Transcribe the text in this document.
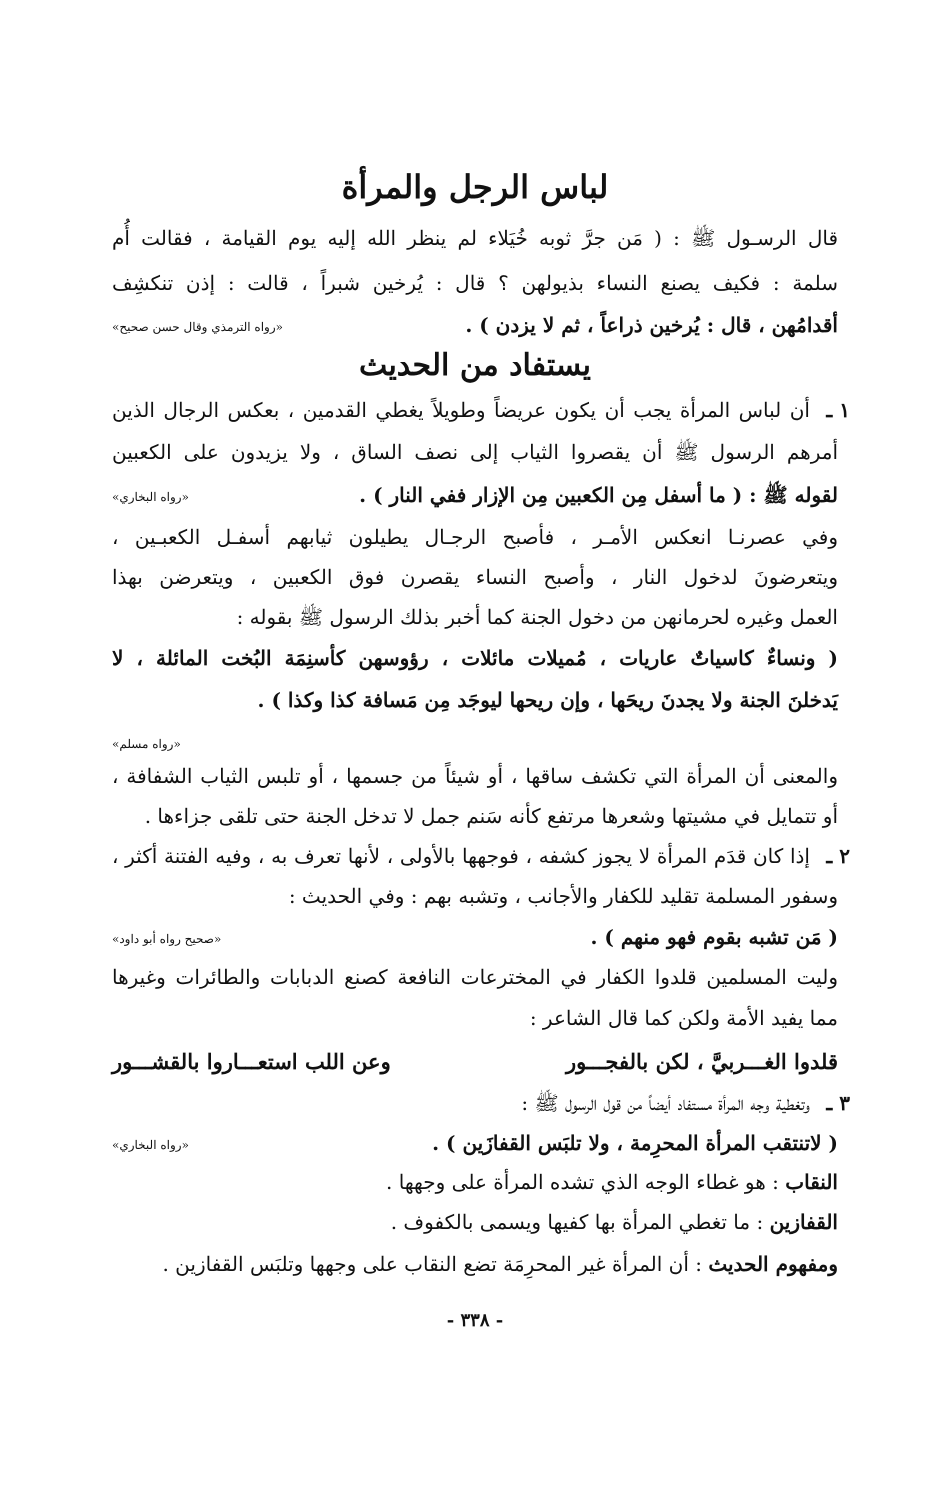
لباس الرجل والمرأة
قال الرسـول ﷺ : ( مَن جرَّ ثوبه خُيَلاء لم ينظر الله إليه يوم القيامة ، فقالت أُم
سلمة : فكيف يصنع النساء بذيولهن ؟ قال : يُرخين شبراً ، قالت : إذن تنكشِف
أقدامُهن ، قال : يُرخين ذراعاً ، ثم لا يزدن ) .
«رواه الترمذي وقال حسن صحيح»
يستفاد من الحديث
١ ـ
أن لباس المرأة يجب أن يكون عريضاً وطويلاً يغطي القدمين ، بعكس الرجال الذين
أمرهم الرسول ﷺ أن يقصروا الثياب إلى نصف الساق ، ولا يزيدون على الكعبين
لقوله ﷺ : ( ما أسفل مِن الكعبين مِن الإزار ففي النار ) .
«رواه البخاري»
وفي عصرنـا انعكس الأمـر ، فأصبح الرجـال يطيلون ثيابهم أسفـل الكعبـين ،
ويتعرضونَ لدخول النار ، وأصبح النساء يقصرن فوق الكعبين ، ويتعرضن بهذا
العمل وغيره لحرمانهن من دخول الجنة كما أخبر بذلك الرسول ﷺ بقوله :
( ونساءٌ كاسياتٌ عاريات ، مُميلات مائلات ، رؤوسهن كأسنِمَة البُخت المائلة ، لا
يَدخلنَ الجنة ولا يجدنَ ريحَها ، وإن ريحها ليوجَد مِن مَسافة كذا وكذا ) .
«رواه مسلم»
والمعنى أن المرأة التي تكشف ساقها ، أو شيئاً من جسمها ، أو تلبس الثياب الشفافة ،
أو تتمايل في مشيتها وشعرها مرتفع كأنه سَنم جمل لا تدخل الجنة حتى تلقى جزاءها .
٢ ـ
إذا كان قدَم المرأة لا يجوز كشفه ، فوجهها بالأولى ، لأنها تعرف به ، وفيه الفتنة أكثر ،
وسفور المسلمة تقليد للكفار والأجانب ، وتشبه بهم : وفي الحديث :
( مَن تشبه بقوم فهو منهم ) .
«صحيح رواه أبو داود»
وليت المسلمين قلدوا الكفار في المخترعات النافعة كصنع الدبابات والطائرات وغيرها
مما يفيد الأمة ولكن كما قال الشاعر :
قلدوا الغـــربيَّ ، لكن بالفجـــور
وعن اللب استعـــاروا بالقشـــور
٣ ـ
وتغطية وجه المرأة مستفاد أيضاً من قول الرسول ﷺ :
( لاتنتقب المرأة المحرِمة ، ولا تلبَس القفازَين ) .
«رواه البخاري»
النقاب : هو غطاء الوجه الذي تشده المرأة على وجهها .
القفازين : ما تغطي المرأة بها كفيها ويسمى بالكفوف .
ومفهوم الحديث : أن المرأة غير المحرِمَة تضع النقاب على وجهها وتلبَس القفازين .
- ٣٣٨ -
